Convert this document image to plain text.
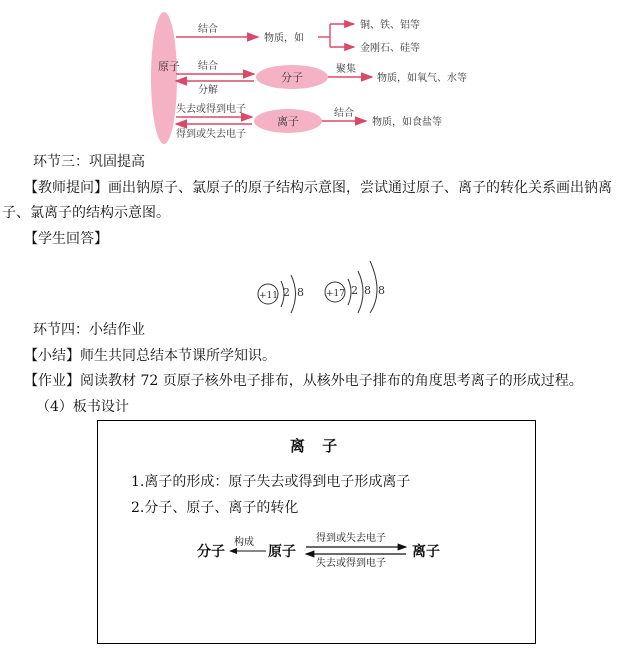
原子
结合
物质，如
铜、铁、铝等
金刚石、硅等
结合
分解
分子
聚集
物质，如氧气、水等
失去或得到电子
得到或失去电子
离子
结合
物质，如食盐等
环节三：巩固提高
【教师提问】画出钠原子、氯原子的原子结构示意图，尝试通过原子、离子的转化关系画出钠离
子、氯离子的结构示意图。
【学生回答】
+11 2 8 +17 2 8 8
环节四：小结作业
【小结】师生共同总结本节课所学知识。
【作业】阅读教材 72 页原子核外电子排布，从核外电子排布的角度思考离子的形成过程。
（4）板书设计
离 子
1.离子的形成：原子失去或得到电子形成离子
2.分子、原子、离子的转化
分子
构成
原子
得到或失去电子
失去或得到电子
离子
